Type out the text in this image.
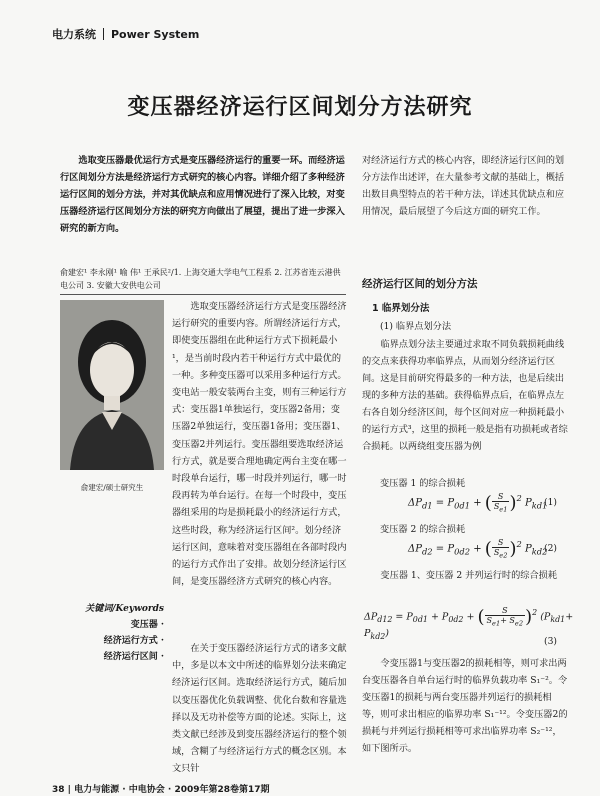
电力系统 Power System
变压器经济运行区间划分方法研究
选取变压器最优运行方式是变压器经济运行的重要一环。而经济运行区间划分方法是经济运行方式研究的核心内容。详细介绍了多种经济运行区间的划分方法，并对其优缺点和应用情况进行了深入比较，对变压器经济运行区间划分方法的研究方向做出了展望，提出了进一步深入研究的新方向。
俞建宏¹ 李永刚¹ 喻 伟¹ 王承民²/1. 上海交通大学电气工程系 2. 江苏省连云港供电公司 3. 安徽大安供电公司
俞建宏/硕士研究生
选取变压器经济运行方式是变压器经济运行研究的重要内容。所谓经济运行方式，即使变压器组在此种运行方式下损耗最小¹，是当前时段内若干种运行方式中最优的一种。多种变压器可以采用多种运行方式。变电站一般安装两台主变，则有三种运行方式：变压器1单独运行，变压器2备用；变压器2单独运行，变压器1备用；变压器1、变压器2并列运行。变压器组要选取经济运行方式，就是要合理地确定两台主变在哪一时段单台运行，哪一时段并列运行，哪一时段再转为单台运行。在每一个时段中，变压器组采用的均是损耗最小的经济运行方式，这些时段，称为经济运行区间²。划分经济运行区间，意味着对变压器组在各部时段内的运行方式作出了安排。故划分经济运行区间，是变压器经济方式研究的核心内容。
关键词/Keywords
变压器 ·
经济运行方式 ·
经济运行区间 ·
在关于变压器经济运行方式的诸多文献中，多是以本文中所述的临界划分法来确定经济运行区间。选取经济运行方式，随后加以变压器优化负载调整、优化台数和容量选择以及无功补偿等方面的论述。实际上，这类文献已经涉及到变压器经济运行的整个领域，含糊了与经济运行方式的概念区别。本文只针
对经济运行方式的核心内容，即经济运行区间的划分方法作出述评，在大量参考文献的基础上，概括出数目典型特点的若干种方法，详述其优缺点和应用情况，最后展望了今后这方面的研究工作。
经济运行区间的划分方法
1 临界划分法
(1) 临界点划分法
临界点划分法主要通过求取不同负载损耗曲线的交点来获得功率临界点，从而划分经济运行区间。这是目前研究得最多的一种方法，也是后续出现的多种方法的基础。获得临界点后，在临界点左右各自划分经济区间，每个区间对应一种损耗最小的运行方式³，这里的损耗一般是指有功损耗或者综合损耗。以两绕组变压器为例
变压器 1 的综合损耗
$\Delta P_{d1} = P_{0d1}$ + ( $\frac{S}{S_{e1}} )^2$ $P_{kd1}$
(1)
变压器 2 的综合损耗
$\Delta P_{d2} = P_{0d2}$ + ( $\frac{S}{S_{e2}} )^2$ $P_{kd2}$
(2)
变压器 1、变压器 2 并列运行时的综合损耗
$\Delta P_{d12} = P_{0d1} + P_{0d2}$ + ( $\frac{S}{S_{e1}+ S_{e2}} )^2$ $(P_{kd1}+ P_{kd2})$
(3)
令变压器1与变压器2的损耗相等，则可求出两台变压器各自单台运行时的临界负载功率 S₁⁻²。令变压器1的损耗与两台变压器并列运行的损耗相等，则可求出相应的临界功率 S₁⁻¹²。令变压器2的损耗与并列运行损耗相等可求出临界功率 S₂⁻¹²，如下图所示。
38 | 电力与能源 · 中电协会 · 2009年第28卷第17期
